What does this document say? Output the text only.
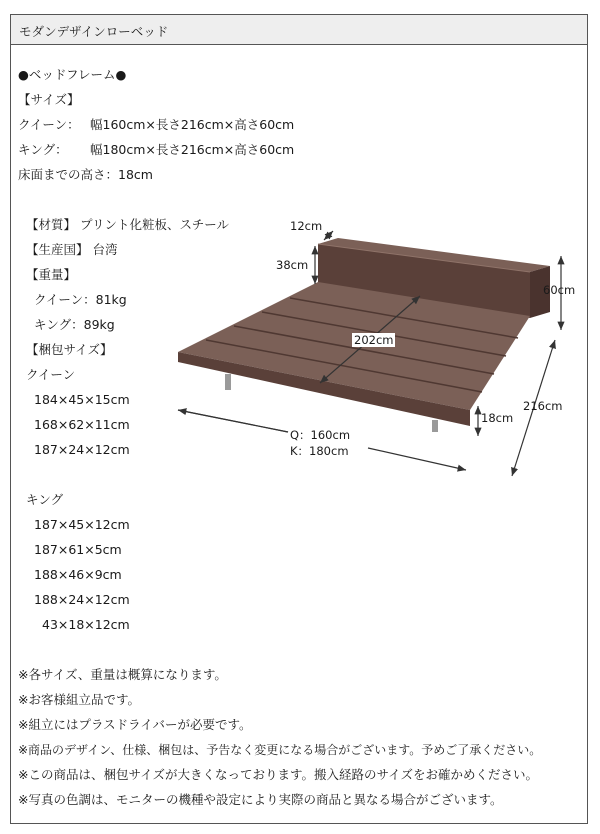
モダンデザインローベッド
●ベッドフレーム●
【サイズ】
クイーン： 幅160cm×長さ216cm×高さ60cm
キング： 幅180cm×長さ216cm×高さ60cm
床面までの高さ：18cm
【材質】 プリント化粧板、スチール
【生産国】 台湾
【重量】
クイーン：81kg
キング：89kg
【梱包サイズ】
クイーン
184×45×15cm
168×62×11cm
187×24×12cm
キング
187×45×12cm
187×61×5cm
188×46×9cm
188×24×12cm
43×18×12cm
12cm
38cm
60cm
202cm
216cm
18cm
Q：160cm
K：180cm
※各サイズ、重量は概算になります。
※お客様組立品です。
※組立にはプラスドライバーが必要です。
※商品のデザイン、仕様、梱包は、予告なく変更になる場合がございます。予めご了承ください。
※この商品は、梱包サイズが大きくなっております。搬入経路のサイズをお確かめください。
※写真の色調は、モニターの機種や設定により実際の商品と異なる場合がございます。
